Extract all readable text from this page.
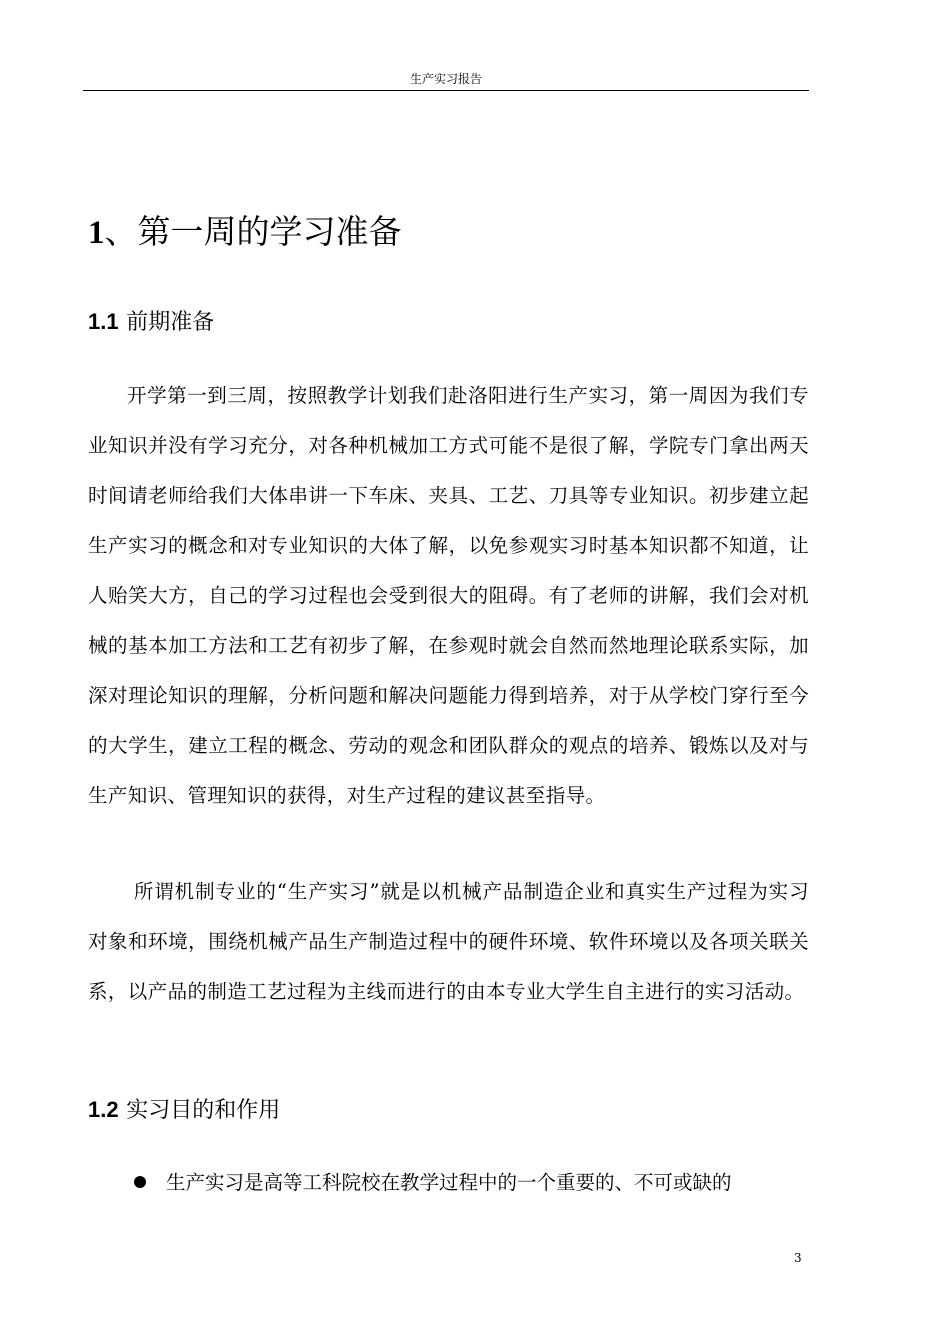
生产实习报告
1、第一周的学习准备
1.1 前期准备

开学第一到三周，按照教学计划我们赴洛阳进行生产实习，第一周因为我们专业知识并没有学习充分，对各种机械加工方式可能不是很了解，学院专门拿出两天时间请老师给我们大体串讲一下车床、夹具、工艺、刀具等专业知识。初步建立起生产实习的概念和对专业知识的大体了解，以免参观实习时基本知识都不知道，让人贻笑大方，自己的学习过程也会受到很大的阻碍。有了老师的讲解，我们会对机械的基本加工方法和工艺有初步了解，在参观时就会自然而然地理论联系实际，加深对理论知识的理解，分析问题和解决问题能力得到培养，对于从学校门穿行至今的大学生，建立工程的概念、劳动的观念和团队群众的观点的培养、锻炼以及对与生产知识、管理知识的获得，对生产过程的建议甚至指导。

所谓机制专业的“生产实习”就是以机械产品制造企业和真实生产过程为实习对象和环境，围绕机械产品生产制造过程中的硬件环境、软件环境以及各项关联关系，以产品的制造工艺过程为主线而进行的由本专业大学生自主进行的实习活动。

1.2 实习目的和作用

生产实习是高等工科院校在教学过程中的一个重要的、不可或缺的

3
